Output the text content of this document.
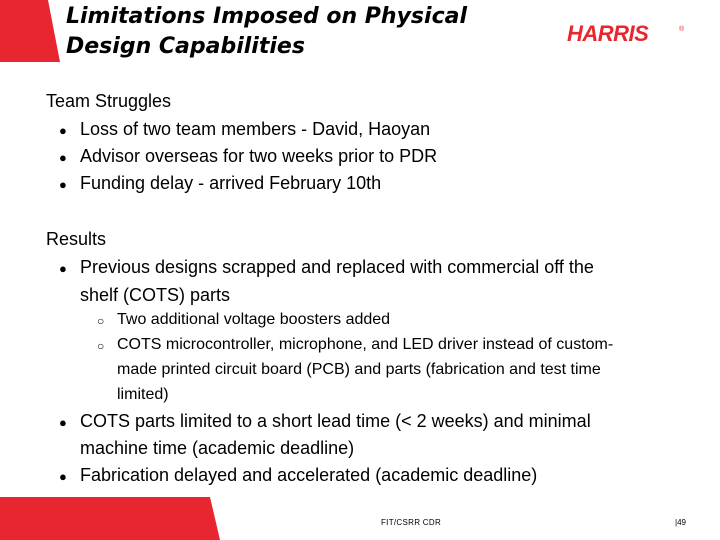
Limitations Imposed on Physical
Design Capabilities
HARRIS	®
Team Struggles
● Loss of two team members - David, Haoyan
● Advisor overseas for two weeks prior to PDR
● Funding delay - arrived February 10th
Results
● Previous designs scrapped and replaced with commercial off the
shelf (COTS) parts
○ Two additional voltage boosters added
○ COTS microcontroller, microphone, and LED driver instead of custom-
made printed circuit board (PCB) and parts (fabrication and test time
limited)
● COTS parts limited to a short lead time (< 2 weeks) and minimal
machine time (academic deadline)
● Fabrication delayed and accelerated (academic deadline)
FIT/CSRR CDR	|49
